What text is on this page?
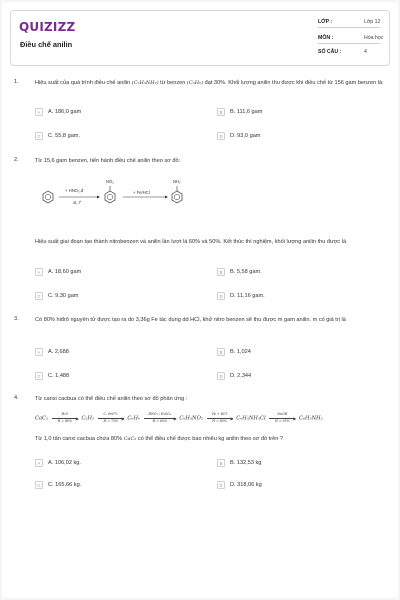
QUIZIZZ
Điều chế anilin
LỚP :	Lớp 12
MÔN :	Hóa học
SỐ CÂU :	4
1.	Hiệu suất của quá trình điều chế anilin (C₆H₅NH₂) từ benzen (C₆H₆) đạt 30%. Khối lượng anilin thu được khi điều chế từ 156 gam benzen là:
A	A. 186,0 gam	B	B. 111,6 gam
C	C. 55,8 gam.	D	D. 93,0 gam
2.	Từ 15,6 gam benzen, tiến hành điều chế anilin theo sơ đồ:
+ HNO₃,đ
xt, t°
NO₂
+ Fe/HCl
NH₂
Hiệu suất giai đoạn tạo thành nitrobenzen và anilin lần lượt là 60% và 50%. Kết thúc thí nghiệm, khối lượng anilin thu được là
A	A. 18,60 gam	B	B. 5,58 gam.
C	C. 9,30 gam	D	D. 11,16 gam.
3.	Có 80% hiđrô nguyên tử được tạo ra do 3,36g Fe tác dụng dd HCl, khử nitro benzen sẽ thu được m gam anilin. m có giá trị là
A	A. 2,688	B	B. 1,024
C	C. 1,488	D	D. 2,344
4.	Từ canxi cacbua có thể điều chế anilin theo sơ đồ phản ứng :
CaC₂
H₂O
▶
H = 80%	C₂H₂
C, 600°C
▶
H = 75%	C₆H₆
HNO₃ / H₂SO₄
▶
H = 60%	C₆H₅NO₂
Fe + HCl
▶
H = 80%	C₆H₅NH₃Cl
NaOH
▶
H = 95%	C₆H₅NH₂
Từ 1,0 tấn canxi cacbua chứa 80% CaC₂ có thể điều chế được bao nhiêu kg anilin theo sơ đồ trên ?
A	A. 106,02 kg.	B	B. 132,53 kg
C	C. 165,66 kg.	D	D. 318,06 kg
